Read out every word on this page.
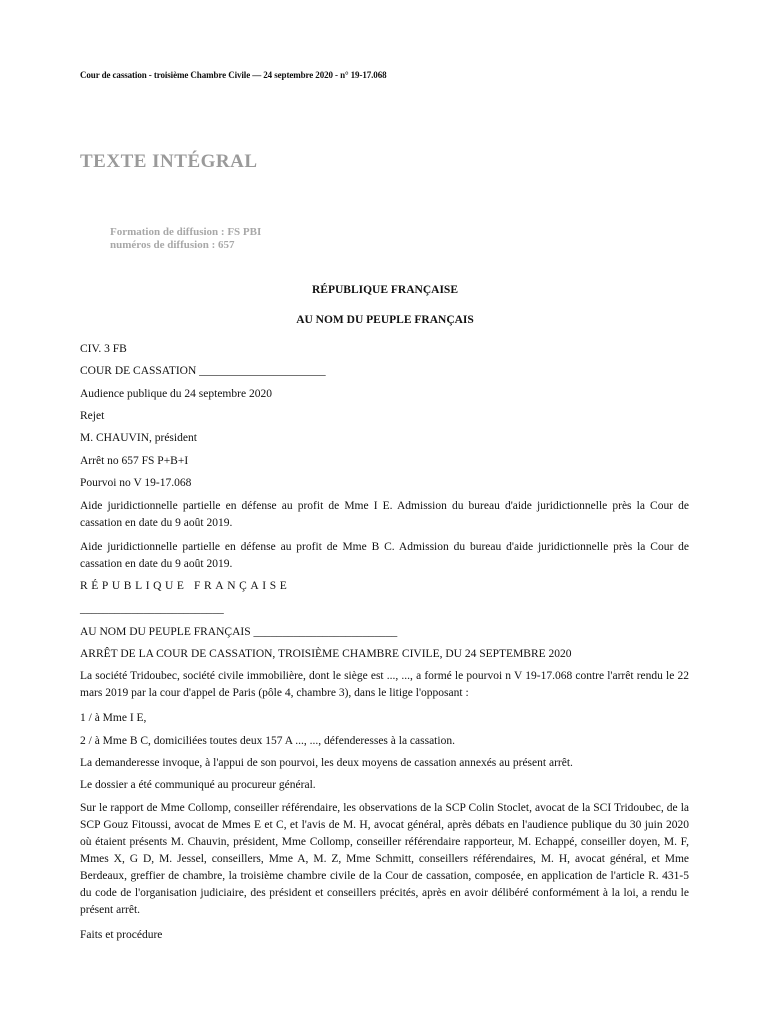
Cour de cassation - troisième Chambre Civile — 24 septembre 2020 - n° 19-17.068
TEXTE INTÉGRAL
Formation de diffusion : FS PBI
numéros de diffusion : 657
RÉPUBLIQUE FRANÇAISE
AU NOM DU PEUPLE FRANÇAIS
CIV. 3 FB
COUR DE CASSATION ______________________
Audience publique du 24 septembre 2020
Rejet
M. CHAUVIN, président
Arrêt no 657 FS P+B+I
Pourvoi no V 19-17.068
Aide juridictionnelle partielle en défense au profit de Mme I E. Admission du bureau d'aide juridictionnelle près la Cour de cassation en date du 9 août 2019.
Aide juridictionnelle partielle en défense au profit de Mme B C. Admission du bureau d'aide juridictionnelle près la Cour de cassation en date du 9 août 2019.
RÉPUBLIQUE FRANÇAISE
_________________________
AU NOM DU PEUPLE FRANÇAIS _________________________
ARRÊT DE LA COUR DE CASSATION, TROISIÈME CHAMBRE CIVILE, DU 24 SEPTEMBRE 2020
La société Tridoubec, société civile immobilière, dont le siège est ..., ..., a formé le pourvoi n V 19-17.068 contre l'arrêt rendu le 22 mars 2019 par la cour d'appel de Paris (pôle 4, chambre 3), dans le litige l'opposant :
1 / à Mme I E,
2 / à Mme B C, domiciliées toutes deux 157 A ..., ..., défenderesses à la cassation.
La demanderesse invoque, à l'appui de son pourvoi, les deux moyens de cassation annexés au présent arrêt.
Le dossier a été communiqué au procureur général.
Sur le rapport de Mme Collomp, conseiller référendaire, les observations de la SCP Colin Stoclet, avocat de la SCI Tridoubec, de la SCP Gouz Fitoussi, avocat de Mmes E et C, et l'avis de M. H, avocat général, après débats en l'audience publique du 30 juin 2020 où étaient présents M. Chauvin, président, Mme Collomp, conseiller référendaire rapporteur, M. Echappé, conseiller doyen, M. F, Mmes X, G D, M. Jessel, conseillers, Mme A, M. Z, Mme Schmitt, conseillers référendaires, M. H, avocat général, et Mme Berdeaux, greffier de chambre, la troisième chambre civile de la Cour de cassation, composée, en application de l'article R. 431-5 du code de l'organisation judiciaire, des président et conseillers précités, après en avoir délibéré conformément à la loi, a rendu le présent arrêt.
Faits et procédure
